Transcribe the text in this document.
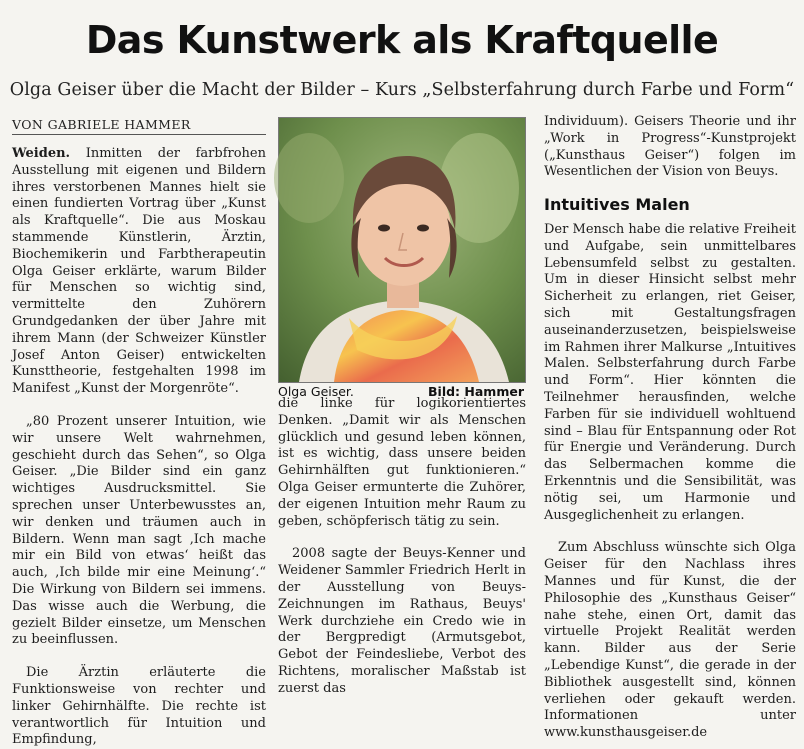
Das Kunstwerk als Kraftquelle
Olga Geiser über die Macht der Bilder – Kurs „Selbsterfahrung durch Farbe und Form“
VON GABRIELE HAMMER

Weiden. Inmitten der farbfrohen Ausstellung mit eigenen und Bildern ihres verstorbenen Mannes hielt sie einen fundierten Vortrag über „Kunst als Kraftquelle“. Die aus Moskau stammende Künstlerin, Ärztin, Biochemikerin und Farbtherapeutin Olga Geiser erklärte, warum Bilder für Menschen so wichtig sind, vermittelte den Zuhörern Grundgedanken der über Jahre mit ihrem Mann (der Schweizer Künstler Josef Anton Geiser) entwickelten Kunsttheorie, festgehalten 1998 im Manifest „Kunst der Morgenröte“.

„80 Prozent unserer Intuition, wie wir unsere Welt wahrnehmen, geschieht durch das Sehen“, so Olga Geiser. „Die Bilder sind ein ganz wichtiges Ausdrucksmittel. Sie sprechen unser Unterbewusstes an, wir denken und träumen auch in Bildern. Wenn man sagt ‚Ich mache mir ein Bild von etwas‘ heißt das auch, ‚Ich bilde mir eine Meinung‘.“ Die Wirkung von Bildern sei immens. Das wisse auch die Werbung, die gezielt Bilder einsetze, um Menschen zu beeinflussen.

Die Ärztin erläuterte die Funktionsweise von rechter und linker Gehirnhälfte. Die rechte ist verantwortlich für Intuition und Empfindung,

Olga Geiser.	Bild: Hammer

die linke für logikorientiertes Denken. „Damit wir als Menschen glücklich und gesund leben können, ist es wichtig, dass unsere beiden Gehirnhälften gut funktionieren.“ Olga Geiser ermunterte die Zuhörer, der eigenen Intuition mehr Raum zu geben, schöpferisch tätig zu sein.

2008 sagte der Beuys-Kenner und Weidener Sammler Friedrich Herlt in der Ausstellung von Beuys-Zeichnungen im Rathaus, Beuys' Werk durchziehe ein Credo wie in der Bergpredigt (Armutsgebot, Gebot der Feindesliebe, Verbot des Richtens, moralischer Maßstab ist zuerst das

Individuum). Geisers Theorie und ihr „Work in Progress“-Kunstprojekt („Kunsthaus Geiser“) folgen im Wesentlichen der Vision von Beuys.

Intuitives Malen

Der Mensch habe die relative Freiheit und Aufgabe, sein unmittelbares Lebensumfeld selbst zu gestalten. Um in dieser Hinsicht selbst mehr Sicherheit zu erlangen, riet Geiser, sich mit Gestaltungsfragen auseinanderzusetzen, beispielsweise im Rahmen ihrer Malkurse „Intuitives Malen. Selbsterfahrung durch Farbe und Form“. Hier könnten die Teilnehmer herausfinden, welche Farben für sie individuell wohltuend sind – Blau für Entspannung oder Rot für Energie und Veränderung. Durch das Selbermachen komme die Erkenntnis und die Sensibilität, was nötig sei, um Harmonie und Ausgeglichenheit zu erlangen.

Zum Abschluss wünschte sich Olga Geiser für den Nachlass ihres Mannes und für Kunst, die der Philosophie des „Kunsthaus Geiser“ nahe stehe, einen Ort, damit das virtuelle Projekt Realität werden kann. Bilder aus der Serie „Lebendige Kunst“, die gerade in der Bibliothek ausgestellt sind, können verliehen oder gekauft werden. Informationen unter www.kunsthausgeiser.de
